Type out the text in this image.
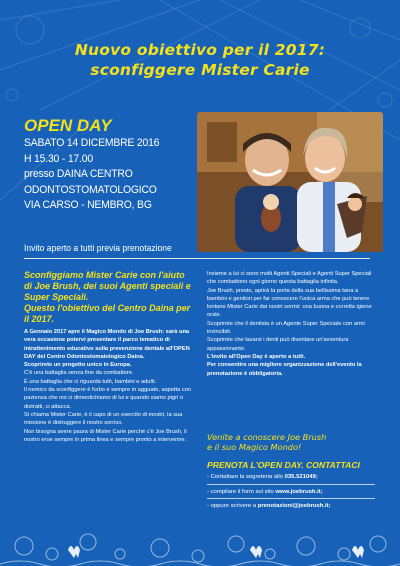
Nuovo obiettivo per il 2017:
sconfiggere Mister Carie
OPEN DAY
SABATO 14 DICEMBRE 2016
H 15.30 - 17.00
presso DAINA CENTRO
ODONTOSTOMATOLOGICO
VIA CARSO - NEMBRO, BG
Invito aperto a tutti previa prenotazione
Sconfiggiamo Mister Carie con l'aiuto di Joe Brush, dei suoi Agenti speciali e Super Speciali.
Questo l'obiettivo del Centro Daina per il 2017.
A Gennaio 2017 apre il Magico Mondo di Joe Brush: sarà una vera occasione potervi presentare il parco tematico di intrattenimento educativo sulla prevenzione dentale all'OPEN DAY del Centro Odontostomatologico Daina.
Scoprirete un progetto unico in Europa.
C'è una battaglia senza fine da combattere.
È una battaglia che ci riguarda tutti, bambini e adulti.
Il nemico da sconfiggere è furbo e sempre in agguato, aspetta con pazienza che noi ci dimentichiamo di lui e quando siamo pigri o distratti, ci attacca.
Si chiama Mister Carie, è il capo di un esercito di mostri, la sua missione è distruggere il nostro sorriso.
Non bisogna avere paura di Mister Carie perché c'è Joe Brush, il nostro eroe sempre in prima linea e sempre pronto a intervenire.
Insieme a lui ci sono molti Agenti Speciali e Agenti Super Speciali che combattono ogni giorno questa battaglia infinita.
Joe Brush, presto, aprirà la porta della sua bellissima tana a bambini e genitori per far conoscere l'unica arma che può tenere lontano Mister Carie dai nostri sorrisi: una buona e corretta igiene orale.
Scoprirete che il dentista è un Agente Super Speciale con armi invincibili.
Scoprirete che lavarsi i denti può diventare un'avventura appassionante.
L'invito all'Open Day è aperto a tutti.
Per consentire una migliore organizzazione dell'evento la prenotazione è obbligatoria.
Venite a conoscere Joe Brush
e il suo Magico Mondo!
PRENOTA L'OPEN DAY. CONTATTACI
- Contattare la segreteria allo 035.521049;
- compilare il form sul sito www.joebrush.it;
- oppure scrivere a prenotazioni@joebrush.it;
